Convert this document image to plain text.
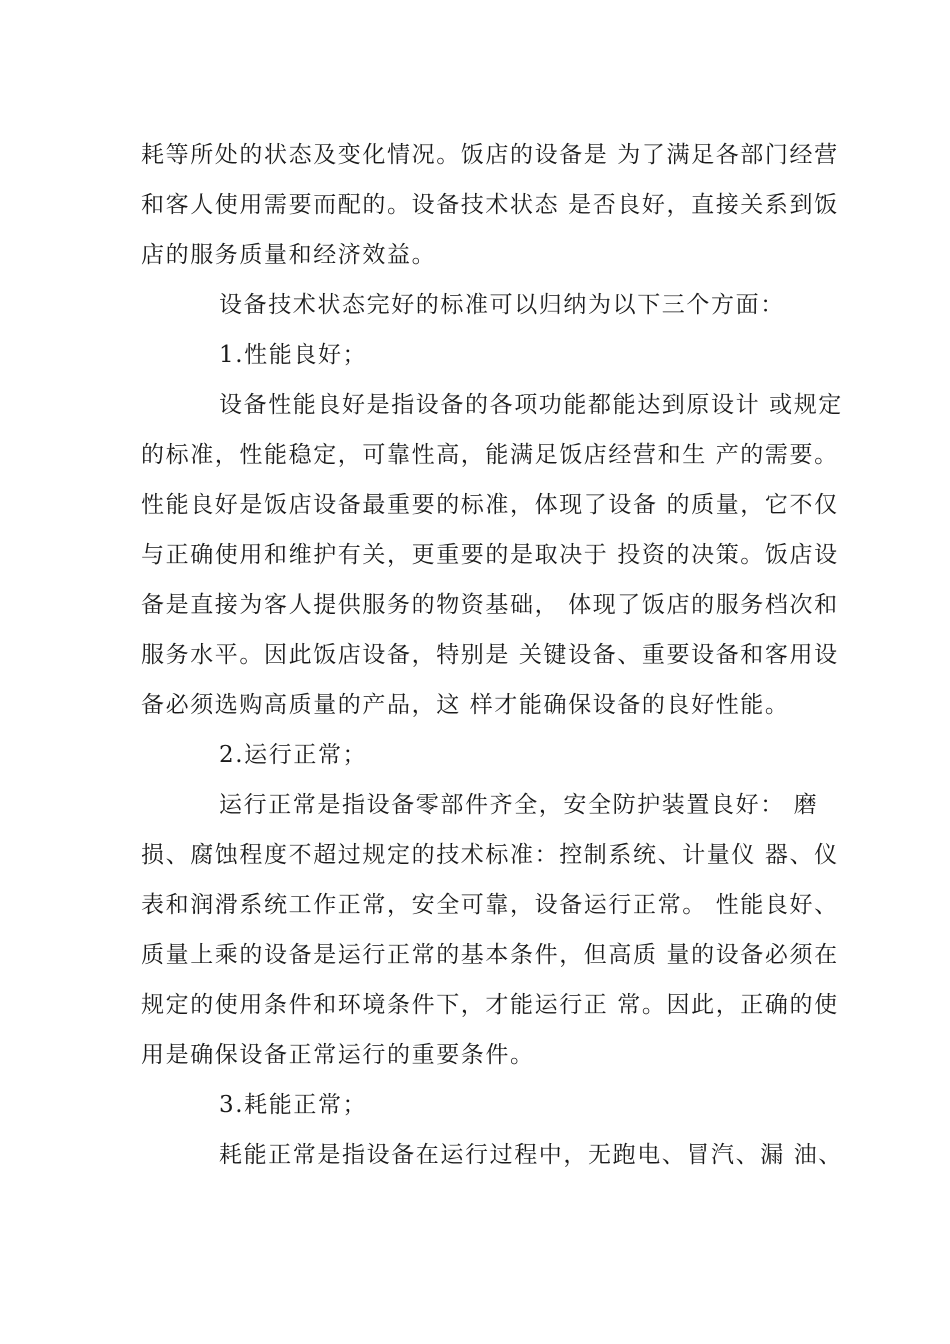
耗等所处的状态及变化情况。饭店的设备是 为了满足各部门经营
和客人使用需要而配的。设备技术状态 是否良好，直接关系到饭
店的服务质量和经济效益。
设备技术状态完好的标准可以归纳为以下三个方面：
1.性能良好；
设备性能良好是指设备的各项功能都能达到原设计 或规定
的标准，性能稳定，可靠性高，能满足饭店经营和生 产的需要。
性能良好是饭店设备最重要的标准，体现了设备 的质量，它不仅
与正确使用和维护有关，更重要的是取决于 投资的决策。饭店设
备是直接为客人提供服务的物资基础， 体现了饭店的服务档次和
服务水平。因此饭店设备，特别是 关键设备、重要设备和客用设
备必须选购高质量的产品，这 样才能确保设备的良好性能。
2.运行正常；
运行正常是指设备零部件齐全，安全防护装置良好： 磨
损、腐蚀程度不超过规定的技术标准：控制系统、计量仪 器、仪
表和润滑系统工作正常，安全可靠，设备运行正常。 性能良好、
质量上乘的设备是运行正常的基本条件，但高质 量的设备必须在
规定的使用条件和环境条件下，才能运行正 常。因此，正确的使
用是确保设备正常运行的重要条件。
3.耗能正常；
耗能正常是指设备在运行过程中，无跑电、冒汽、漏 油、
